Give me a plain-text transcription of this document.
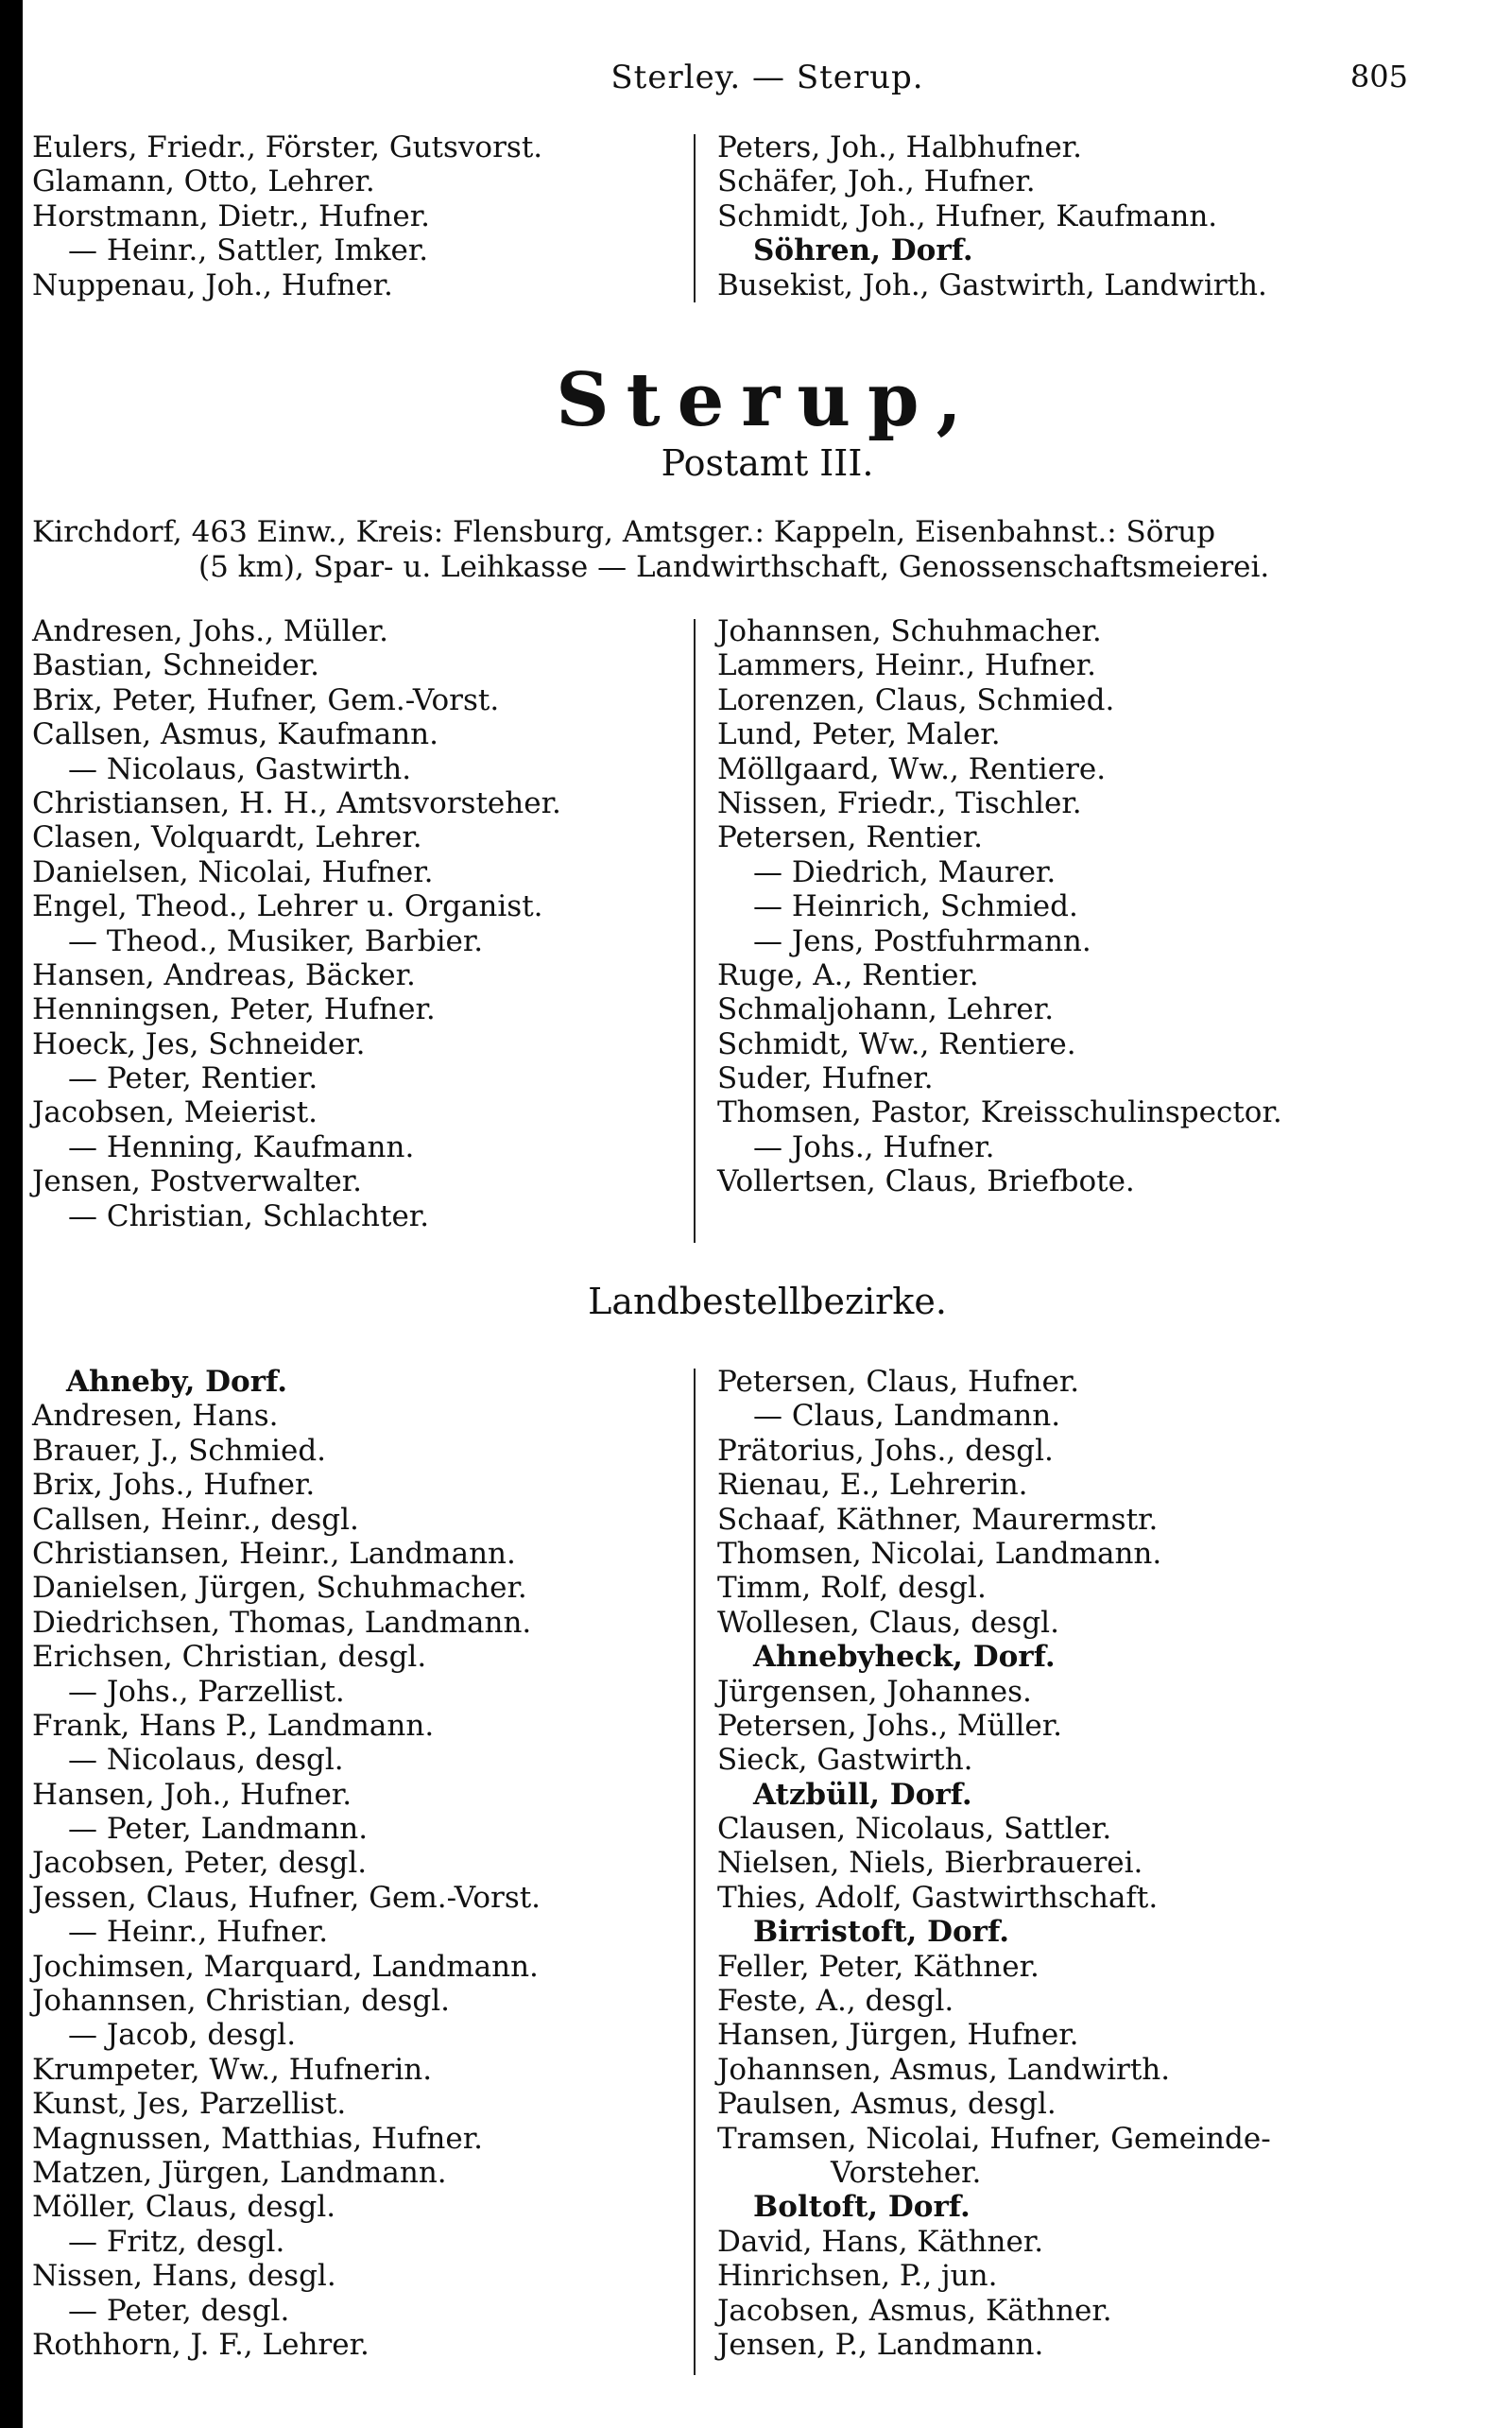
Sterley. — Sterup.	805
Eulers, Friedr., Förster, Gutsvorst.
Glamann, Otto, Lehrer.
Horstmann, Dietr., Hufner.
— Heinr., Sattler, Imker.
Nuppenau, Joh., Hufner.
Peters, Joh., Halbhufner.
Schäfer, Joh., Hufner.
Schmidt, Joh., Hufner, Kaufmann.
Söhren, Dorf.
Busekist, Joh., Gastwirth, Landwirth.
Sterup,
Postamt III.
Kirchdorf, 463 Einw., Kreis: Flensburg, Amtsger.: Kappeln, Eisenbahnst.: Sörup
(5 km), Spar- u. Leihkasse — Landwirthschaft, Genossenschaftsmeierei.
Andresen, Johs., Müller.
Bastian, Schneider.
Brix, Peter, Hufner, Gem.-Vorst.
Callsen, Asmus, Kaufmann.
— Nicolaus, Gastwirth.
Christiansen, H. H., Amtsvorsteher.
Clasen, Volquardt, Lehrer.
Danielsen, Nicolai, Hufner.
Engel, Theod., Lehrer u. Organist.
— Theod., Musiker, Barbier.
Hansen, Andreas, Bäcker.
Henningsen, Peter, Hufner.
Hoeck, Jes, Schneider.
— Peter, Rentier.
Jacobsen, Meierist.
— Henning, Kaufmann.
Jensen, Postverwalter.
— Christian, Schlachter.
Johannsen, Schuhmacher.
Lammers, Heinr., Hufner.
Lorenzen, Claus, Schmied.
Lund, Peter, Maler.
Möllgaard, Ww., Rentiere.
Nissen, Friedr., Tischler.
Petersen, Rentier.
— Diedrich, Maurer.
— Heinrich, Schmied.
— Jens, Postfuhrmann.
Ruge, A., Rentier.
Schmaljohann, Lehrer.
Schmidt, Ww., Rentiere.
Suder, Hufner.
Thomsen, Pastor, Kreisschulinspector.
— Johs., Hufner.
Vollertsen, Claus, Briefbote.
Landbestellbezirke.
Ahneby, Dorf.
Andresen, Hans.
Brauer, J., Schmied.
Brix, Johs., Hufner.
Callsen, Heinr., desgl.
Christiansen, Heinr., Landmann.
Danielsen, Jürgen, Schuhmacher.
Diedrichsen, Thomas, Landmann.
Erichsen, Christian, desgl.
— Johs., Parzellist.
Frank, Hans P., Landmann.
— Nicolaus, desgl.
Hansen, Joh., Hufner.
— Peter, Landmann.
Jacobsen, Peter, desgl.
Jessen, Claus, Hufner, Gem.-Vorst.
— Heinr., Hufner.
Jochimsen, Marquard, Landmann.
Johannsen, Christian, desgl.
— Jacob, desgl.
Krumpeter, Ww., Hufnerin.
Kunst, Jes, Parzellist.
Magnussen, Matthias, Hufner.
Matzen, Jürgen, Landmann.
Möller, Claus, desgl.
— Fritz, desgl.
Nissen, Hans, desgl.
— Peter, desgl.
Rothhorn, J. F., Lehrer.
Petersen, Claus, Hufner.
— Claus, Landmann.
Prätorius, Johs., desgl.
Rienau, E., Lehrerin.
Schaaf, Käthner, Maurermstr.
Thomsen, Nicolai, Landmann.
Timm, Rolf, desgl.
Wollesen, Claus, desgl.
Ahnebyheck, Dorf.
Jürgensen, Johannes.
Petersen, Johs., Müller.
Sieck, Gastwirth.
Atzbüll, Dorf.
Clausen, Nicolaus, Sattler.
Nielsen, Niels, Bierbrauerei.
Thies, Adolf, Gastwirthschaft.
Birristoft, Dorf.
Feller, Peter, Käthner.
Feste, A., desgl.
Hansen, Jürgen, Hufner.
Johannsen, Asmus, Landwirth.
Paulsen, Asmus, desgl.
Tramsen, Nicolai, Hufner, Gemeinde-
Vorsteher.
Boltoft, Dorf.
David, Hans, Käthner.
Hinrichsen, P., jun.
Jacobsen, Asmus, Käthner.
Jensen, P., Landmann.
